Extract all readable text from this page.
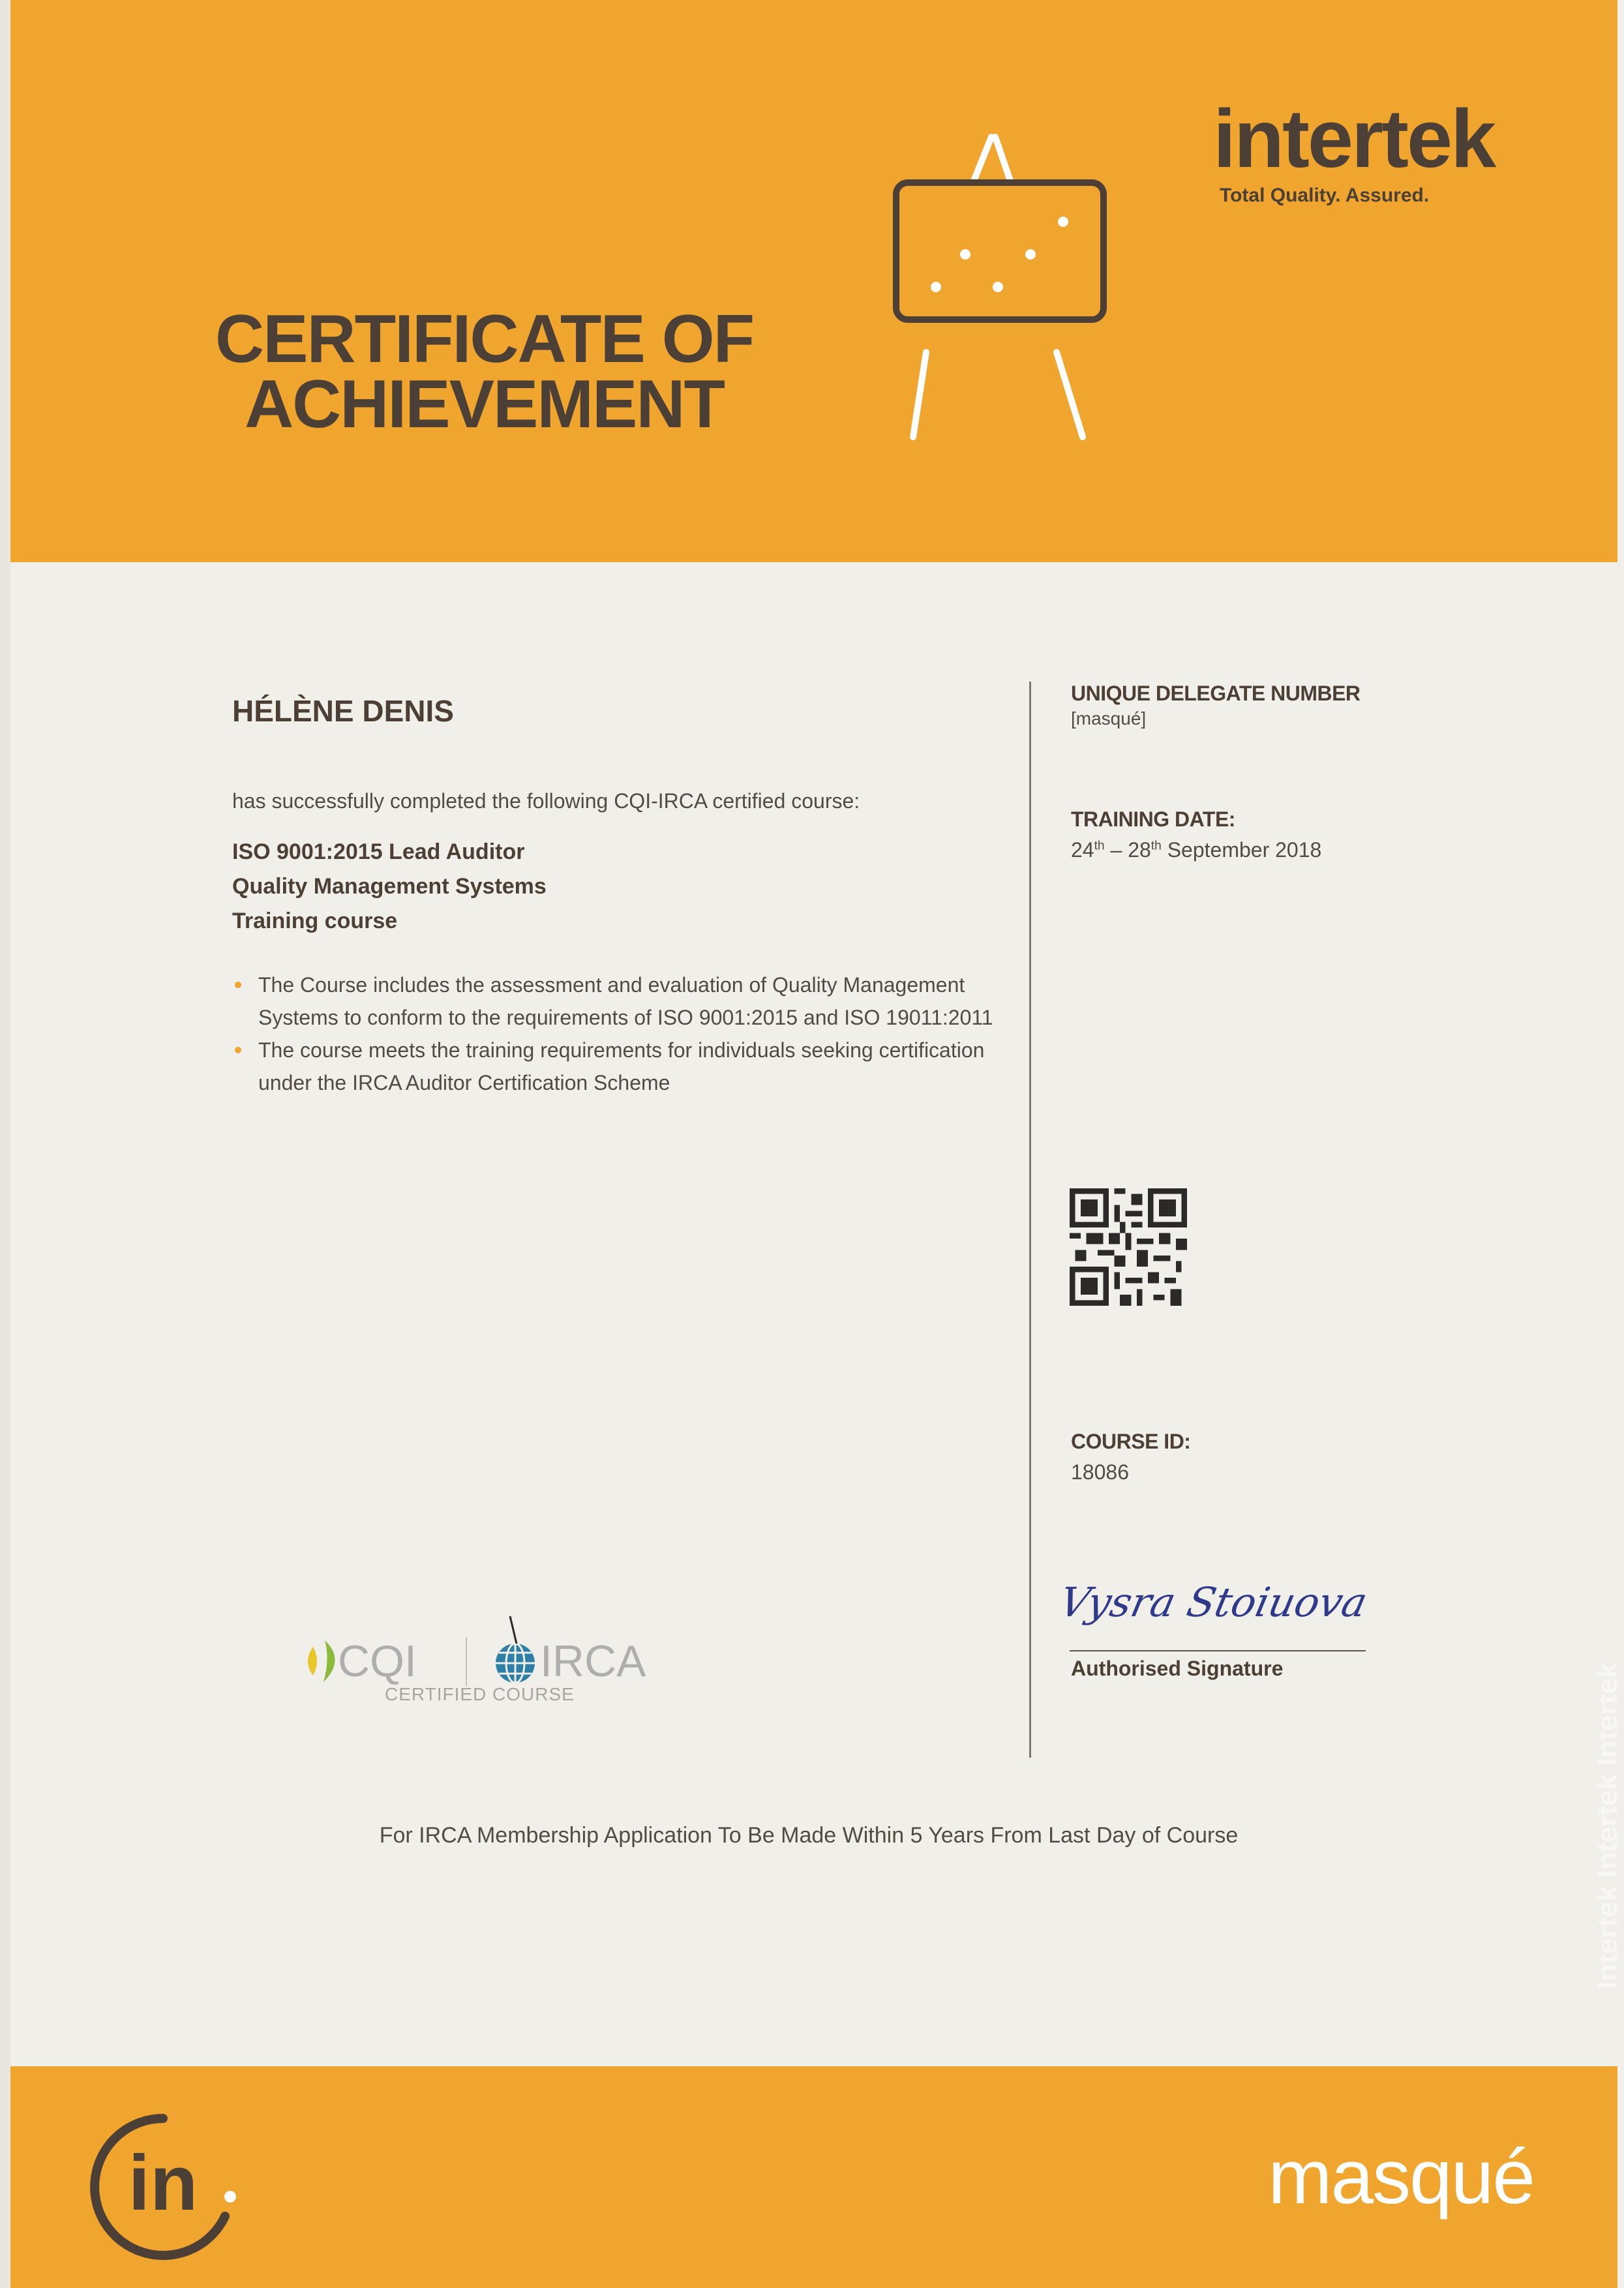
CERTIFICATE OF
ACHIEVEMENT
intertek
Total Quality. Assured.
HÉLÈNE DENIS
has successfully completed the following CQI-IRCA certified course:
ISO 9001:2015 Lead Auditor
Quality Management Systems
Training course
The Course includes the assessment and evaluation of Quality Management Systems to conform to the requirements of ISO 9001:2015 and ISO 19011:2011
The course meets the training requirements for individuals seeking certification under the IRCA Auditor Certification Scheme
UNIQUE DELEGATE NUMBER
[masqué]
TRAINING DATE:
24th – 28th September 2018
COURSE ID:
18086
Vysra Stoiuova
Authorised Signature
CQI	IRCA
CERTIFIED COURSE
For IRCA Membership Application To Be Made Within 5 Years From Last Day of Course	Intertek Intertek Intertek
in	masqué
